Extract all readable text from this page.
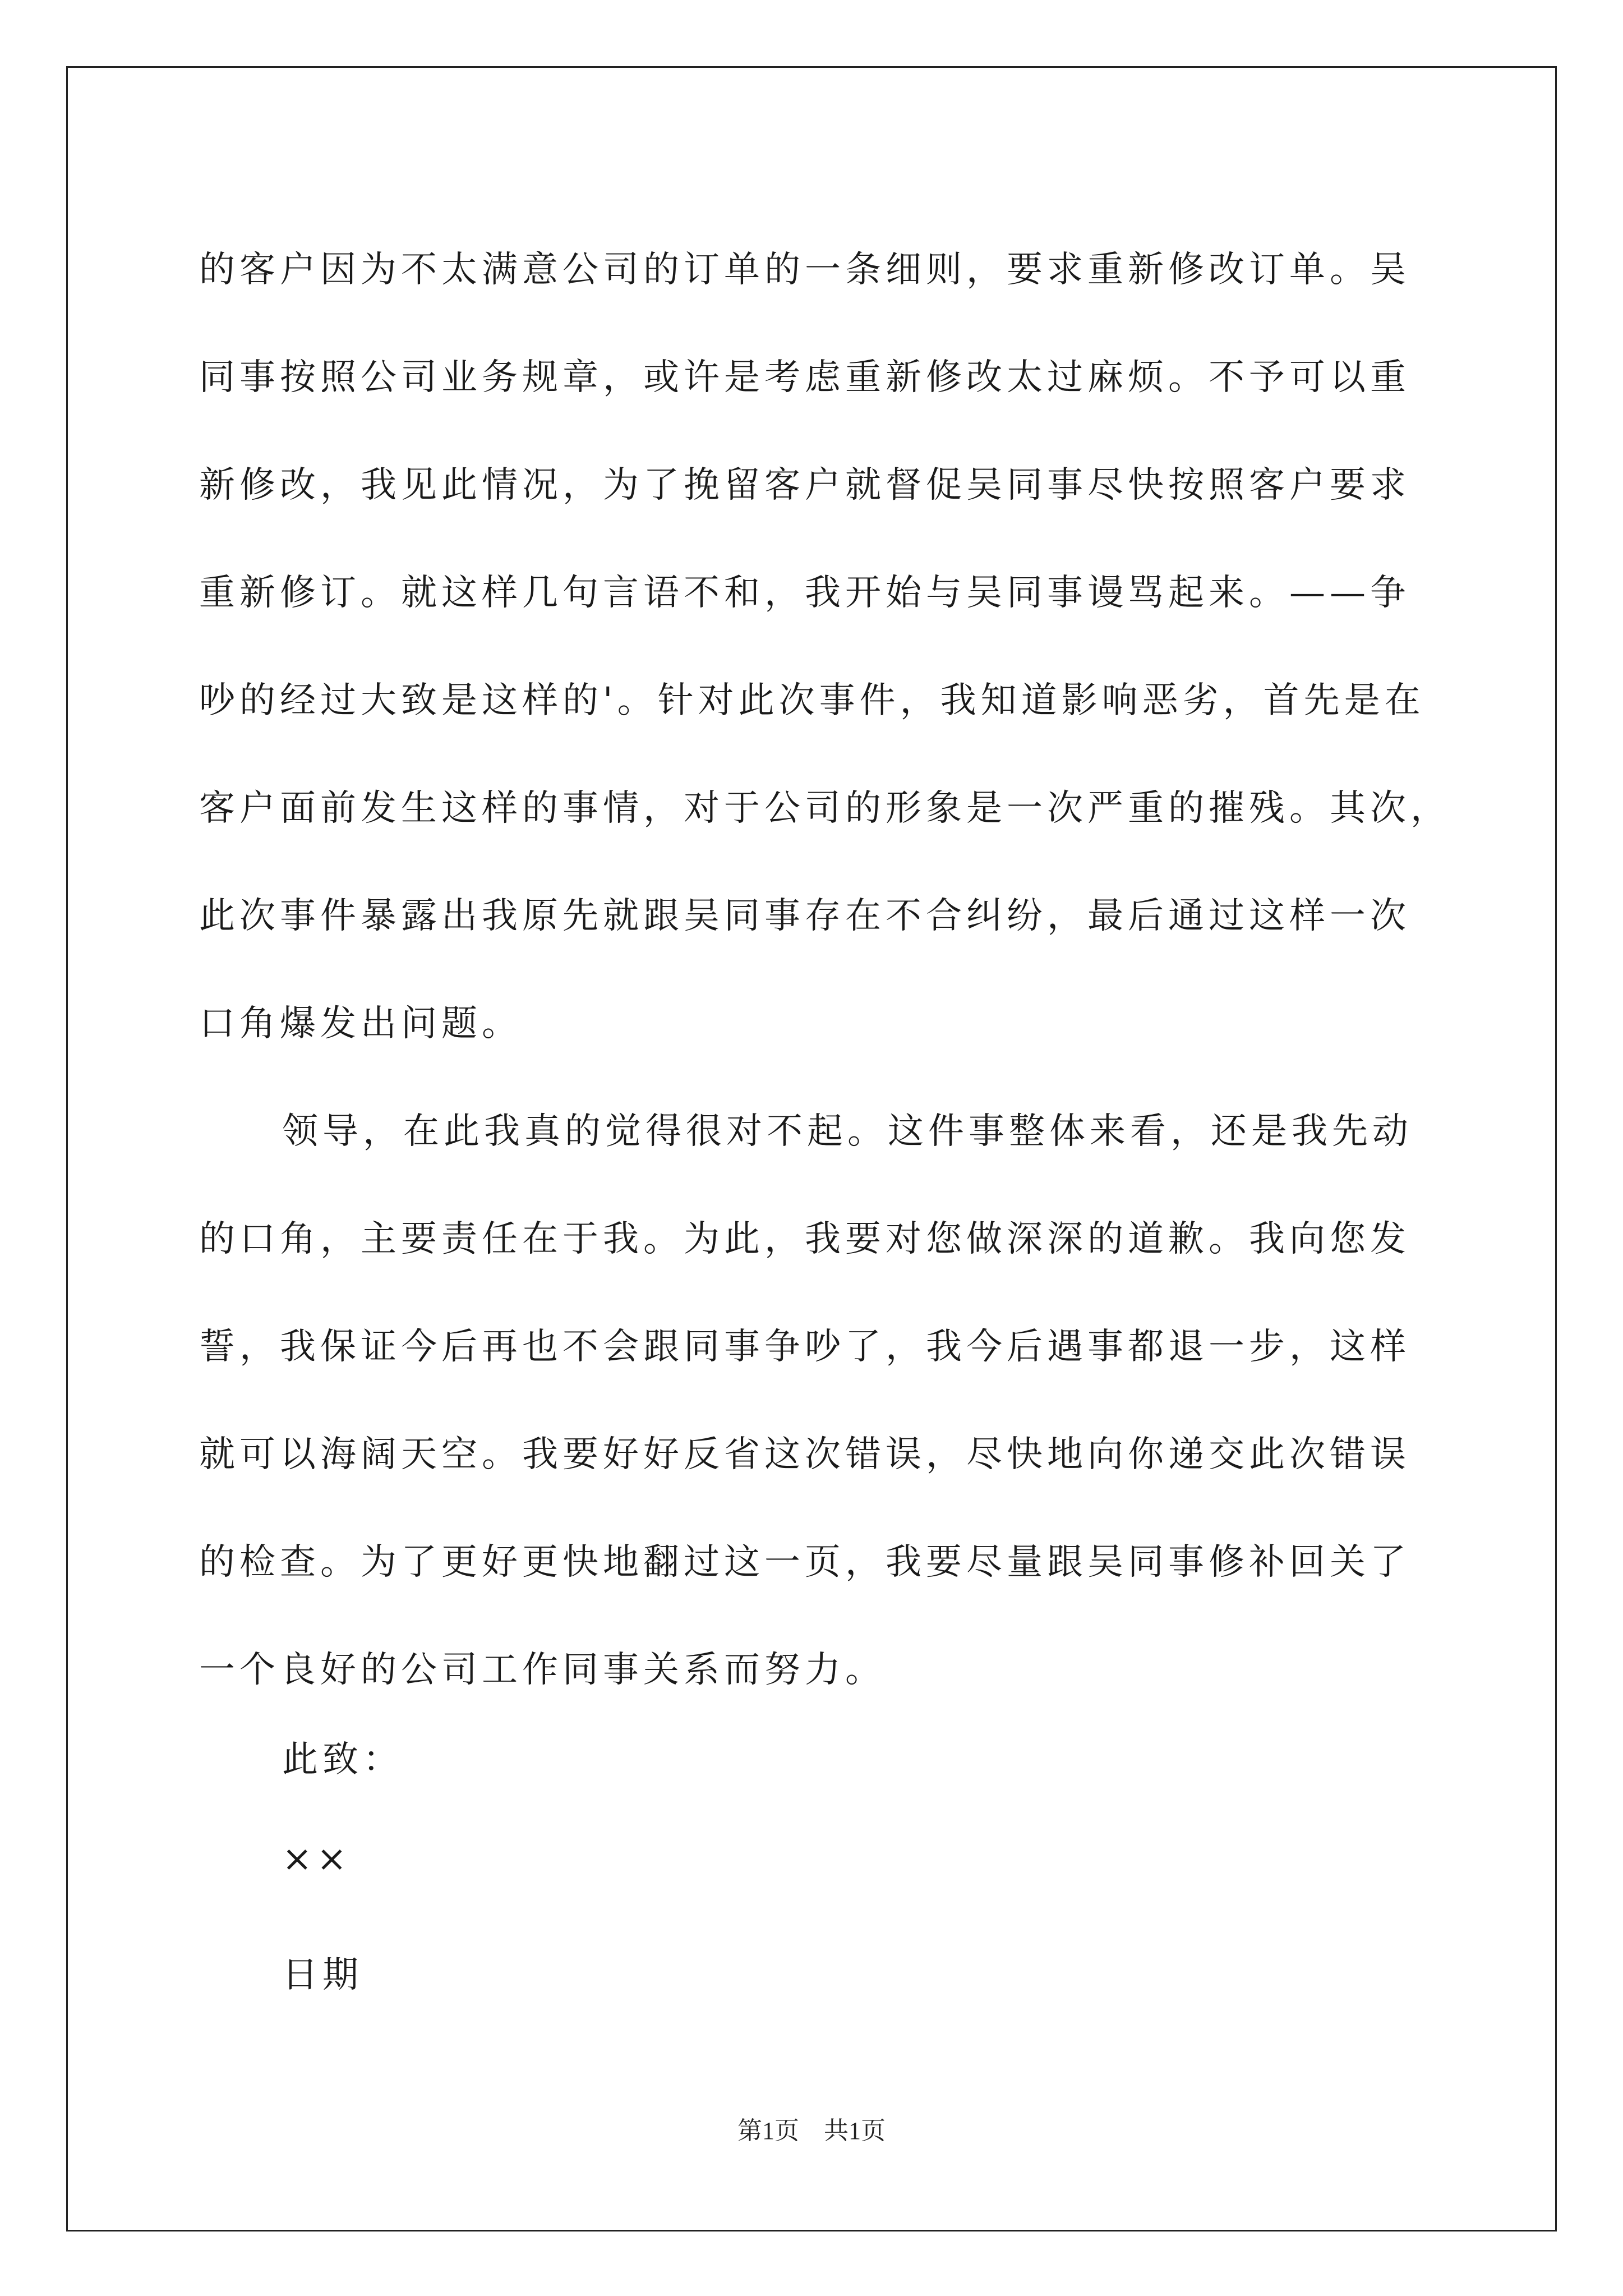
的客户因为不太满意公司的订单的一条细则，要求重新修改订单。吴
同事按照公司业务规章，或许是考虑重新修改太过麻烦。不予可以重
新修改，我见此情况，为了挽留客户就督促吴同事尽快按照客户要求
重新修订。就这样几句言语不和，我开始与吴同事谩骂起来。——争
吵的经过大致是这样的'。针对此次事件，我知道影响恶劣，首先是在
客户面前发生这样的事情，对于公司的形象是一次严重的摧残。其次，
此次事件暴露出我原先就跟吴同事存在不合纠纷，最后通过这样一次
口角爆发出问题。
领导，在此我真的觉得很对不起。这件事整体来看，还是我先动
的口角，主要责任在于我。为此，我要对您做深深的道歉。我向您发
誓，我保证今后再也不会跟同事争吵了，我今后遇事都退一步，这样
就可以海阔天空。我要好好反省这次错误，尽快地向你递交此次错误
的检查。为了更好更快地翻过这一页，我要尽量跟吴同事修补回关了
一个良好的公司工作同事关系而努力。
此致：
××
日期
第1页　共1页
